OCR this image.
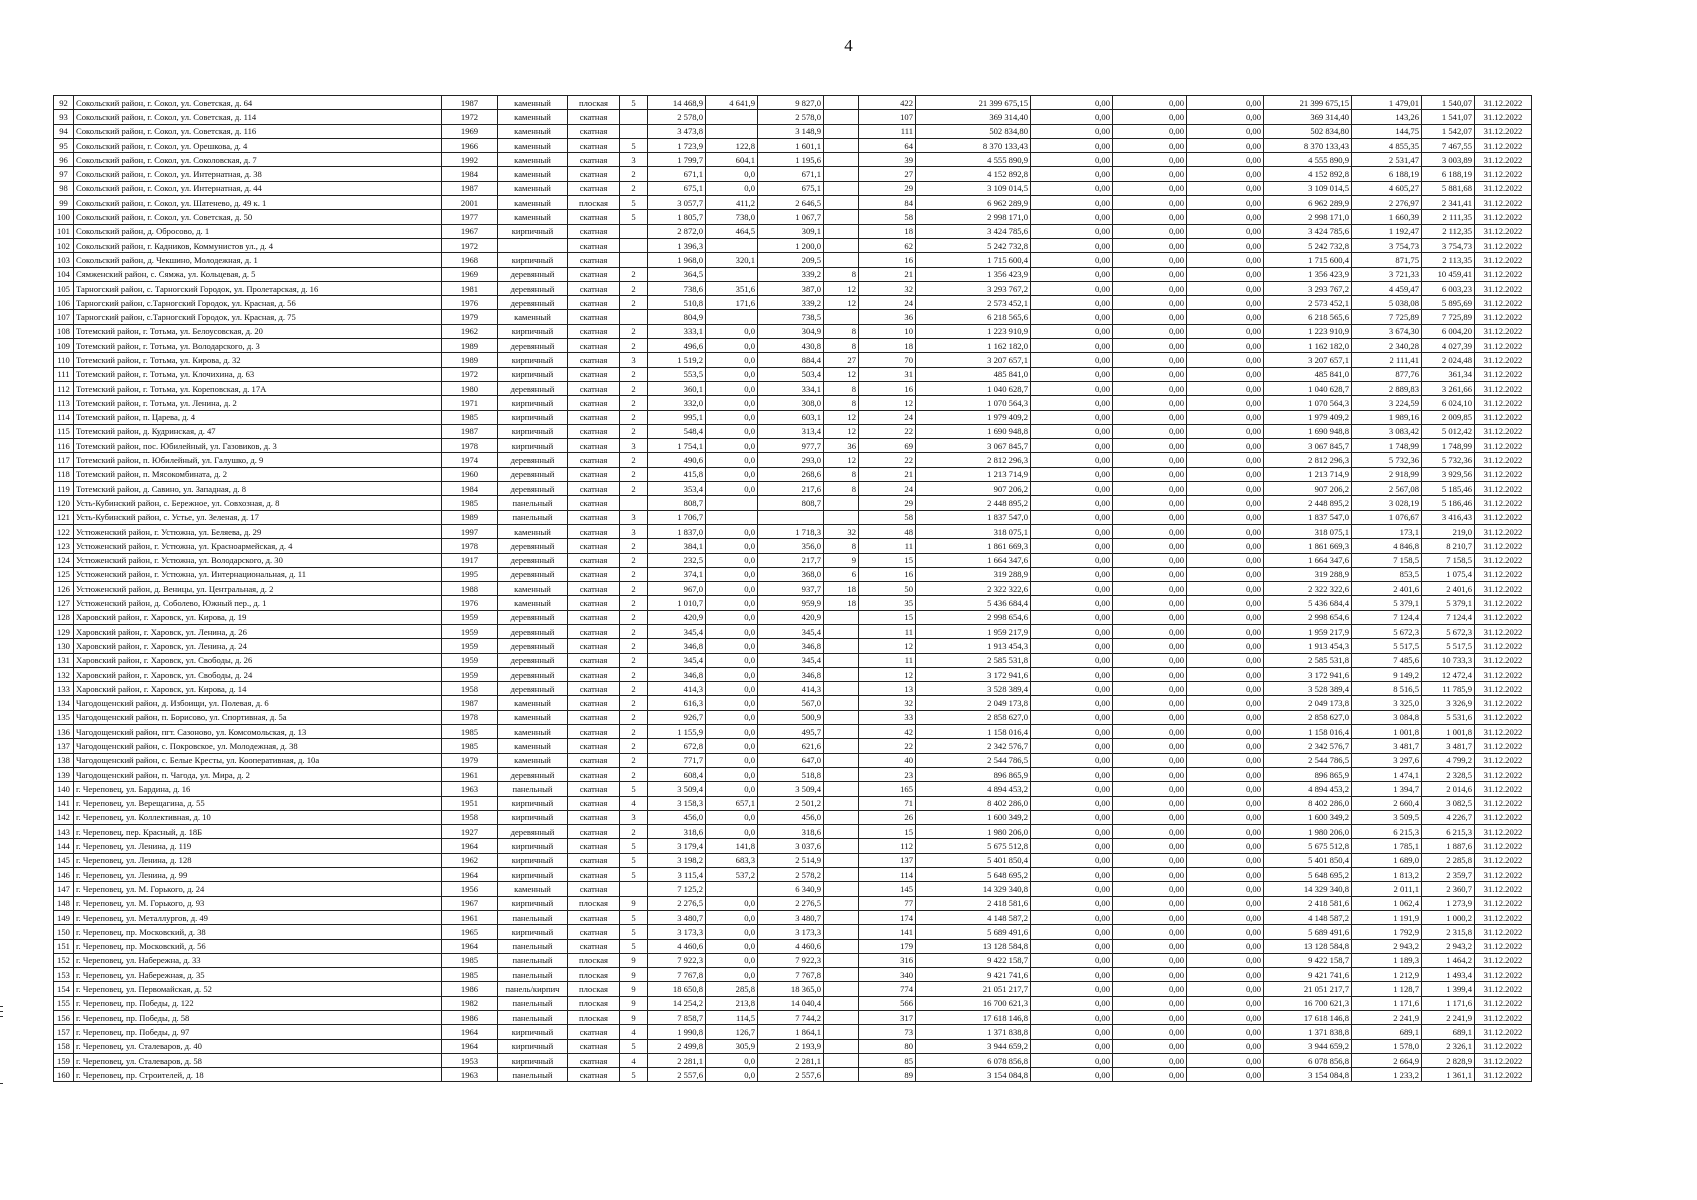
4
92	Сокольский район, г. Сокол, ул. Советская, д. 64	1987	каменный	плоская	5	14 468,9	4 641,9	9 827,0		422	21 399 675,15	0,00	0,00	0,00	21 399 675,15	1 479,01	1 540,07	31.12.2022
93	Сокольский район, г. Сокол, ул. Советская, д. 114	1972	каменный	скатная		2 578,0		2 578,0		107	369 314,40	0,00	0,00	0,00	369 314,40	143,26	1 541,07	31.12.2022
94	Сокольский район, г. Сокол, ул. Советская, д. 116	1969	каменный	скатная		3 473,8		3 148,9		111	502 834,80	0,00	0,00	0,00	502 834,80	144,75	1 542,07	31.12.2022
95	Сокольский район, г. Сокол, ул. Орешкова, д. 4	1966	каменный	скатная	5	1 723,9	122,8	1 601,1		64	8 370 133,43	0,00	0,00	0,00	8 370 133,43	4 855,35	7 467,55	31.12.2022
96	Сокольский район, г. Сокол, ул. Соколовская, д. 7	1992	каменный	скатная	3	1 799,7	604,1	1 195,6		39	4 555 890,9	0,00	0,00	0,00	4 555 890,9	2 531,47	3 003,89	31.12.2022
97	Сокольский район, г. Сокол, ул. Интернатная, д. 38	1984	каменный	скатная	2	671,1	0,0	671,1		27	4 152 892,8	0,00	0,00	0,00	4 152 892,8	6 188,19	6 188,19	31.12.2022
98	Сокольский район, г. Сокол, ул. Интернатная, д. 44	1987	каменный	скатная	2	675,1	0,0	675,1		29	3 109 014,5	0,00	0,00	0,00	3 109 014,5	4 605,27	5 881,68	31.12.2022
99	Сокольский район, г. Сокол, ул. Шатенево, д. 49 к. 1	2001	каменный	плоская	5	3 057,7	411,2	2 646,5		84	6 962 289,9	0,00	0,00	0,00	6 962 289,9	2 276,97	2 341,41	31.12.2022
100	Сокольский район, г. Сокол, ул. Советская, д. 50	1977	каменный	скатная	5	1 805,7	738,0	1 067,7		58	2 998 171,0	0,00	0,00	0,00	2 998 171,0	1 660,39	2 111,35	31.12.2022
101	Сокольский район, д. Обросово, д. 1	1967	кирпичный	скатная		2 872,0	464,5	309,1		18	3 424 785,6	0,00	0,00	0,00	3 424 785,6	1 192,47	2 112,35	31.12.2022
102	Сокольский район, г. Кадников, Коммунистов ул., д. 4	1972		скатная		1 396,3		1 200,0		62	5 242 732,8	0,00	0,00	0,00	5 242 732,8	3 754,73	3 754,73	31.12.2022
103	Сокольский район, д. Чекшино, Молодежная, д. 1	1968	кирпичный	скатная		1 968,0	320,1	209,5		16	1 715 600,4	0,00	0,00	0,00	1 715 600,4	871,75	2 113,35	31.12.2022
104	Сямженский район, с. Сямжа, ул. Кольцевая, д. 5	1969	деревянный	скатная	2	364,5		339,2	8	21	1 356 423,9	0,00	0,00	0,00	1 356 423,9	3 721,33	10 459,41	31.12.2022
105	Тарногский район, с. Тарногский Городок, ул. Пролетарская, д. 16	1981	деревянный	скатная	2	738,6	351,6	387,0	12	32	3 293 767,2	0,00	0,00	0,00	3 293 767,2	4 459,47	6 003,23	31.12.2022
106	Тарногский район, с.Тарногский Городок, ул. Красная, д. 56	1976	деревянный	скатная	2	510,8	171,6	339,2	12	24	2 573 452,1	0,00	0,00	0,00	2 573 452,1	5 038,08	5 895,69	31.12.2022
107	Тарногский район, с.Тарногский Городок, ул. Красная, д. 75	1979	каменный	скатная		804,9		738,5		36	6 218 565,6	0,00	0,00	0,00	6 218 565,6	7 725,89	7 725,89	31.12.2022
108	Тотемский район, г. Тотьма, ул. Белоусовская, д. 20	1962	кирпичный	скатная	2	333,1	0,0	304,9	8	10	1 223 910,9	0,00	0,00	0,00	1 223 910,9	3 674,30	6 004,20	31.12.2022
109	Тотемский район, г. Тотьма, ул. Володарского, д. 3	1989	деревянный	скатная	2	496,6	0,0	430,8	8	18	1 162 182,0	0,00	0,00	0,00	1 162 182,0	2 340,28	4 027,39	31.12.2022
110	Тотемский район, г. Тотьма, ул. Кирова, д. 32	1989	кирпичный	скатная	3	1 519,2	0,0	884,4	27	70	3 207 657,1	0,00	0,00	0,00	3 207 657,1	2 111,41	2 024,48	31.12.2022
111	Тотемский район, г. Тотьма, ул. Клочихина, д. 63	1972	кирпичный	скатная	2	553,5	0,0	503,4	12	31	485 841,0	0,00	0,00	0,00	485 841,0	877,76	361,34	31.12.2022
112	Тотемский район, г. Тотьма, ул. Кореповская, д. 17А	1980	деревянный	скатная	2	360,1	0,0	334,1	8	16	1 040 628,7	0,00	0,00	0,00	1 040 628,7	2 889,83	3 261,66	31.12.2022
113	Тотемский район, г. Тотьма, ул. Ленина, д. 2	1971	кирпичный	скатная	2	332,0	0,0	308,0	8	12	1 070 564,3	0,00	0,00	0,00	1 070 564,3	3 224,59	6 024,10	31.12.2022
114	Тотемский район, п. Царева, д. 4	1985	кирпичный	скатная	2	995,1	0,0	603,1	12	24	1 979 409,2	0,00	0,00	0,00	1 979 409,2	1 989,16	2 009,85	31.12.2022
115	Тотемский район, д. Кудринская, д. 47	1987	кирпичный	скатная	2	548,4	0,0	313,4	12	22	1 690 948,8	0,00	0,00	0,00	1 690 948,8	3 083,42	5 012,42	31.12.2022
116	Тотемский район, пос. Юбилейный, ул. Газовиков, д. 3	1978	кирпичный	скатная	3	1 754,1	0,0	977,7	36	69	3 067 845,7	0,00	0,00	0,00	3 067 845,7	1 748,99	1 748,99	31.12.2022
117	Тотемский район, п. Юбилейный, ул. Галушко, д. 9	1974	деревянный	скатная	2	490,6	0,0	293,0	12	22	2 812 296,3	0,00	0,00	0,00	2 812 296,3	5 732,36	5 732,36	31.12.2022
118	Тотемский район, п. Мясокомбината, д. 2	1960	деревянный	скатная	2	415,8	0,0	268,6	8	21	1 213 714,9	0,00	0,00	0,00	1 213 714,9	2 918,99	3 929,56	31.12.2022
119	Тотемский район, д. Савино, ул. Западная, д. 8	1984	деревянный	скатная	2	353,4	0,0	217,6	8	24	907 206,2	0,00	0,00	0,00	907 206,2	2 567,08	5 185,46	31.12.2022
120	Усть-Кубинский район, с. Бережное, ул. Совхозная, д. 8	1985	панельный	скатная		808,7		808,7		29	2 448 895,2	0,00	0,00	0,00	2 448 895,2	3 028,19	5 186,46	31.12.2022
121	Усть-Кубинский район, с. Устье, ул. Зеленая, д. 17	1989	панельный	скатная	3	1 706,7				58	1 837 547,0	0,00	0,00	0,00	1 837 547,0	1 076,67	3 416,43	31.12.2022
122	Устюженский район, г. Устюжна, ул. Беляева, д. 29	1997	каменный	скатная	3	1 837,0	0,0	1 718,3	32	48	318 075,1	0,00	0,00	0,00	318 075,1	173,1	219,0	31.12.2022
123	Устюженский район, г. Устюжна, ул. Красноармейская, д. 4	1978	деревянный	скатная	2	384,1	0,0	356,0	8	11	1 861 669,3	0,00	0,00	0,00	1 861 669,3	4 846,8	8 210,7	31.12.2022
124	Устюженский район, г. Устюжна, ул. Володарского, д. 30	1917	деревянный	скатная	2	232,5	0,0	217,7	9	15	1 664 347,6	0,00	0,00	0,00	1 664 347,6	7 158,5	7 158,5	31.12.2022
125	Устюженский район, г. Устюжна, ул. Интернациональная, д. 11	1995	деревянный	скатная	2	374,1	0,0	368,0	6	16	319 288,9	0,00	0,00	0,00	319 288,9	853,5	1 075,4	31.12.2022
126	Устюженский район, д. Веницы, ул. Центральная, д. 2	1988	каменный	скатная	2	967,0	0,0	937,7	18	50	2 322 322,6	0,00	0,00	0,00	2 322 322,6	2 401,6	2 401,6	31.12.2022
127	Устюженский район, д. Соболево, Южный пер., д. 1	1976	каменный	скатная	2	1 010,7	0,0	959,9	18	35	5 436 684,4	0,00	0,00	0,00	5 436 684,4	5 379,1	5 379,1	31.12.2022
128	Харовский район, г. Харовск, ул. Кирова, д. 19	1959	деревянный	скатная	2	420,9	0,0	420,9		15	2 998 654,6	0,00	0,00	0,00	2 998 654,6	7 124,4	7 124,4	31.12.2022
129	Харовский район, г. Харовск, ул. Ленина, д. 26	1959	деревянный	скатная	2	345,4	0,0	345,4		11	1 959 217,9	0,00	0,00	0,00	1 959 217,9	5 672,3	5 672,3	31.12.2022
130	Харовский район, г. Харовск, ул. Ленина, д. 24	1959	деревянный	скатная	2	346,8	0,0	346,8		12	1 913 454,3	0,00	0,00	0,00	1 913 454,3	5 517,5	5 517,5	31.12.2022
131	Харовский район, г. Харовск, ул. Свободы, д. 26	1959	деревянный	скатная	2	345,4	0,0	345,4		11	2 585 531,8	0,00	0,00	0,00	2 585 531,8	7 485,6	10 733,3	31.12.2022
132	Харовский район, г. Харовск, ул. Свободы, д. 24	1959	деревянный	скатная	2	346,8	0,0	346,8		12	3 172 941,6	0,00	0,00	0,00	3 172 941,6	9 149,2	12 472,4	31.12.2022
133	Харовский район, г. Харовск, ул. Кирова, д. 14	1958	деревянный	скатная	2	414,3	0,0	414,3		13	3 528 389,4	0,00	0,00	0,00	3 528 389,4	8 516,5	11 785,9	31.12.2022
134	Чагодощенский район, д. Избоищи, ул. Полевая, д. 6	1987	каменный	скатная	2	616,3	0,0	567,0		32	2 049 173,8	0,00	0,00	0,00	2 049 173,8	3 325,0	3 326,9	31.12.2022
135	Чагодощенский район, п. Борисово, ул. Спортивная, д. 5а	1978	каменный	скатная	2	926,7	0,0	500,9		33	2 858 627,0	0,00	0,00	0,00	2 858 627,0	3 084,8	5 531,6	31.12.2022
136	Чагодощенский район, пгт. Сазоново, ул. Комсомольская, д. 13	1985	каменный	скатная	2	1 155,9	0,0	495,7		42	1 158 016,4	0,00	0,00	0,00	1 158 016,4	1 001,8	1 001,8	31.12.2022
137	Чагодощенский район, с. Покровское, ул. Молодежная, д. 38	1985	каменный	скатная	2	672,8	0,0	621,6		22	2 342 576,7	0,00	0,00	0,00	2 342 576,7	3 481,7	3 481,7	31.12.2022
138	Чагодощенский район, с. Белые Кресты, ул. Кооперативная, д. 10а	1979	каменный	скатная	2	771,7	0,0	647,0		40	2 544 786,5	0,00	0,00	0,00	2 544 786,5	3 297,6	4 799,2	31.12.2022
139	Чагодощенский район, п. Чагода, ул. Мира, д. 2	1961	деревянный	скатная	2	608,4	0,0	518,8		23	896 865,9	0,00	0,00	0,00	896 865,9	1 474,1	2 328,5	31.12.2022
140	г. Череповец, ул. Бардина, д. 16	1963	панельный	скатная	5	3 509,4	0,0	3 509,4		165	4 894 453,2	0,00	0,00	0,00	4 894 453,2	1 394,7	2 014,6	31.12.2022
141	г. Череповец, ул. Верещагина, д. 55	1951	кирпичный	скатная	4	3 158,3	657,1	2 501,2		71	8 402 286,0	0,00	0,00	0,00	8 402 286,0	2 660,4	3 082,5	31.12.2022
142	г. Череповец, ул. Коллективная, д. 10	1958	кирпичный	скатная	3	456,0	0,0	456,0		26	1 600 349,2	0,00	0,00	0,00	1 600 349,2	3 509,5	4 226,7	31.12.2022
143	г. Череповец, пер. Красный, д. 18Б	1927	деревянный	скатная	2	318,6	0,0	318,6		15	1 980 206,0	0,00	0,00	0,00	1 980 206,0	6 215,3	6 215,3	31.12.2022
144	г. Череповец, ул. Ленина, д. 119	1964	кирпичный	скатная	5	3 179,4	141,8	3 037,6		112	5 675 512,8	0,00	0,00	0,00	5 675 512,8	1 785,1	1 887,6	31.12.2022
145	г. Череповец, ул. Ленина, д. 128	1962	кирпичный	скатная	5	3 198,2	683,3	2 514,9		137	5 401 850,4	0,00	0,00	0,00	5 401 850,4	1 689,0	2 285,8	31.12.2022
146	г. Череповец, ул. Ленина, д. 99	1964	кирпичный	скатная	5	3 115,4	537,2	2 578,2		114	5 648 695,2	0,00	0,00	0,00	5 648 695,2	1 813,2	2 359,7	31.12.2022
147	г. Череповец, ул. М. Горького, д. 24	1956	каменный	скатная		7 125,2		6 340,9		145	14 329 340,8	0,00	0,00	0,00	14 329 340,8	2 011,1	2 360,7	31.12.2022
148	г. Череповец, ул. М. Горького, д. 93	1967	кирпичный	плоская	9	2 276,5	0,0	2 276,5		77	2 418 581,6	0,00	0,00	0,00	2 418 581,6	1 062,4	1 273,9	31.12.2022
149	г. Череповец, ул. Металлургов, д. 49	1961	панельный	скатная	5	3 480,7	0,0	3 480,7		174	4 148 587,2	0,00	0,00	0,00	4 148 587,2	1 191,9	1 000,2	31.12.2022
150	г. Череповец, пр. Московский, д. 38	1965	кирпичный	скатная	5	3 173,3	0,0	3 173,3		141	5 689 491,6	0,00	0,00	0,00	5 689 491,6	1 792,9	2 315,8	31.12.2022
151	г. Череповец, пр. Московский, д. 56	1964	панельный	скатная	5	4 460,6	0,0	4 460,6		179	13 128 584,8	0,00	0,00	0,00	13 128 584,8	2 943,2	2 943,2	31.12.2022
152	г. Череповец, ул. Набережна, д. 33	1985	панельный	плоская	9	7 922,3	0,0	7 922,3		316	9 422 158,7	0,00	0,00	0,00	9 422 158,7	1 189,3	1 464,2	31.12.2022
153	г. Череповец, ул. Набережная, д. 35	1985	панельный	плоская	9	7 767,8	0,0	7 767,8		340	9 421 741,6	0,00	0,00	0,00	9 421 741,6	1 212,9	1 493,4	31.12.2022
154	г. Череповец, ул. Первомайская, д. 52	1986	панель/кирпич	плоская	9	18 650,8	285,8	18 365,0		774	21 051 217,7	0,00	0,00	0,00	21 051 217,7	1 128,7	1 399,4	31.12.2022
155	г. Череповец, пр. Победы, д. 122	1982	панельный	плоская	9	14 254,2	213,8	14 040,4		566	16 700 621,3	0,00	0,00	0,00	16 700 621,3	1 171,6	1 171,6	31.12.2022
156	г. Череповец, пр. Победы, д. 58	1986	панельный	плоская	9	7 858,7	114,5	7 744,2		317	17 618 146,8	0,00	0,00	0,00	17 618 146,8	2 241,9	2 241,9	31.12.2022
157	г. Череповец, пр. Победы, д. 97	1964	кирпичный	скатная	4	1 990,8	126,7	1 864,1		73	1 371 838,8	0,00	0,00	0,00	1 371 838,8	689,1	689,1	31.12.2022
158	г. Череповец, ул. Сталеваров, д. 40	1964	кирпичный	скатная	5	2 499,8	305,9	2 193,9		80	3 944 659,2	0,00	0,00	0,00	3 944 659,2	1 578,0	2 326,1	31.12.2022
159	г. Череповец, ул. Сталеваров, д. 58	1953	кирпичный	скатная	4	2 281,1	0,0	2 281,1		85	6 078 856,8	0,00	0,00	0,00	6 078 856,8	2 664,9	2 828,9	31.12.2022
160	г. Череповец, пр. Строителей, д. 18	1963	панельный	скатная	5	2 557,6	0,0	2 557,6		89	3 154 084,8	0,00	0,00	0,00	3 154 084,8	1 233,2	1 361,1	31.12.2022
